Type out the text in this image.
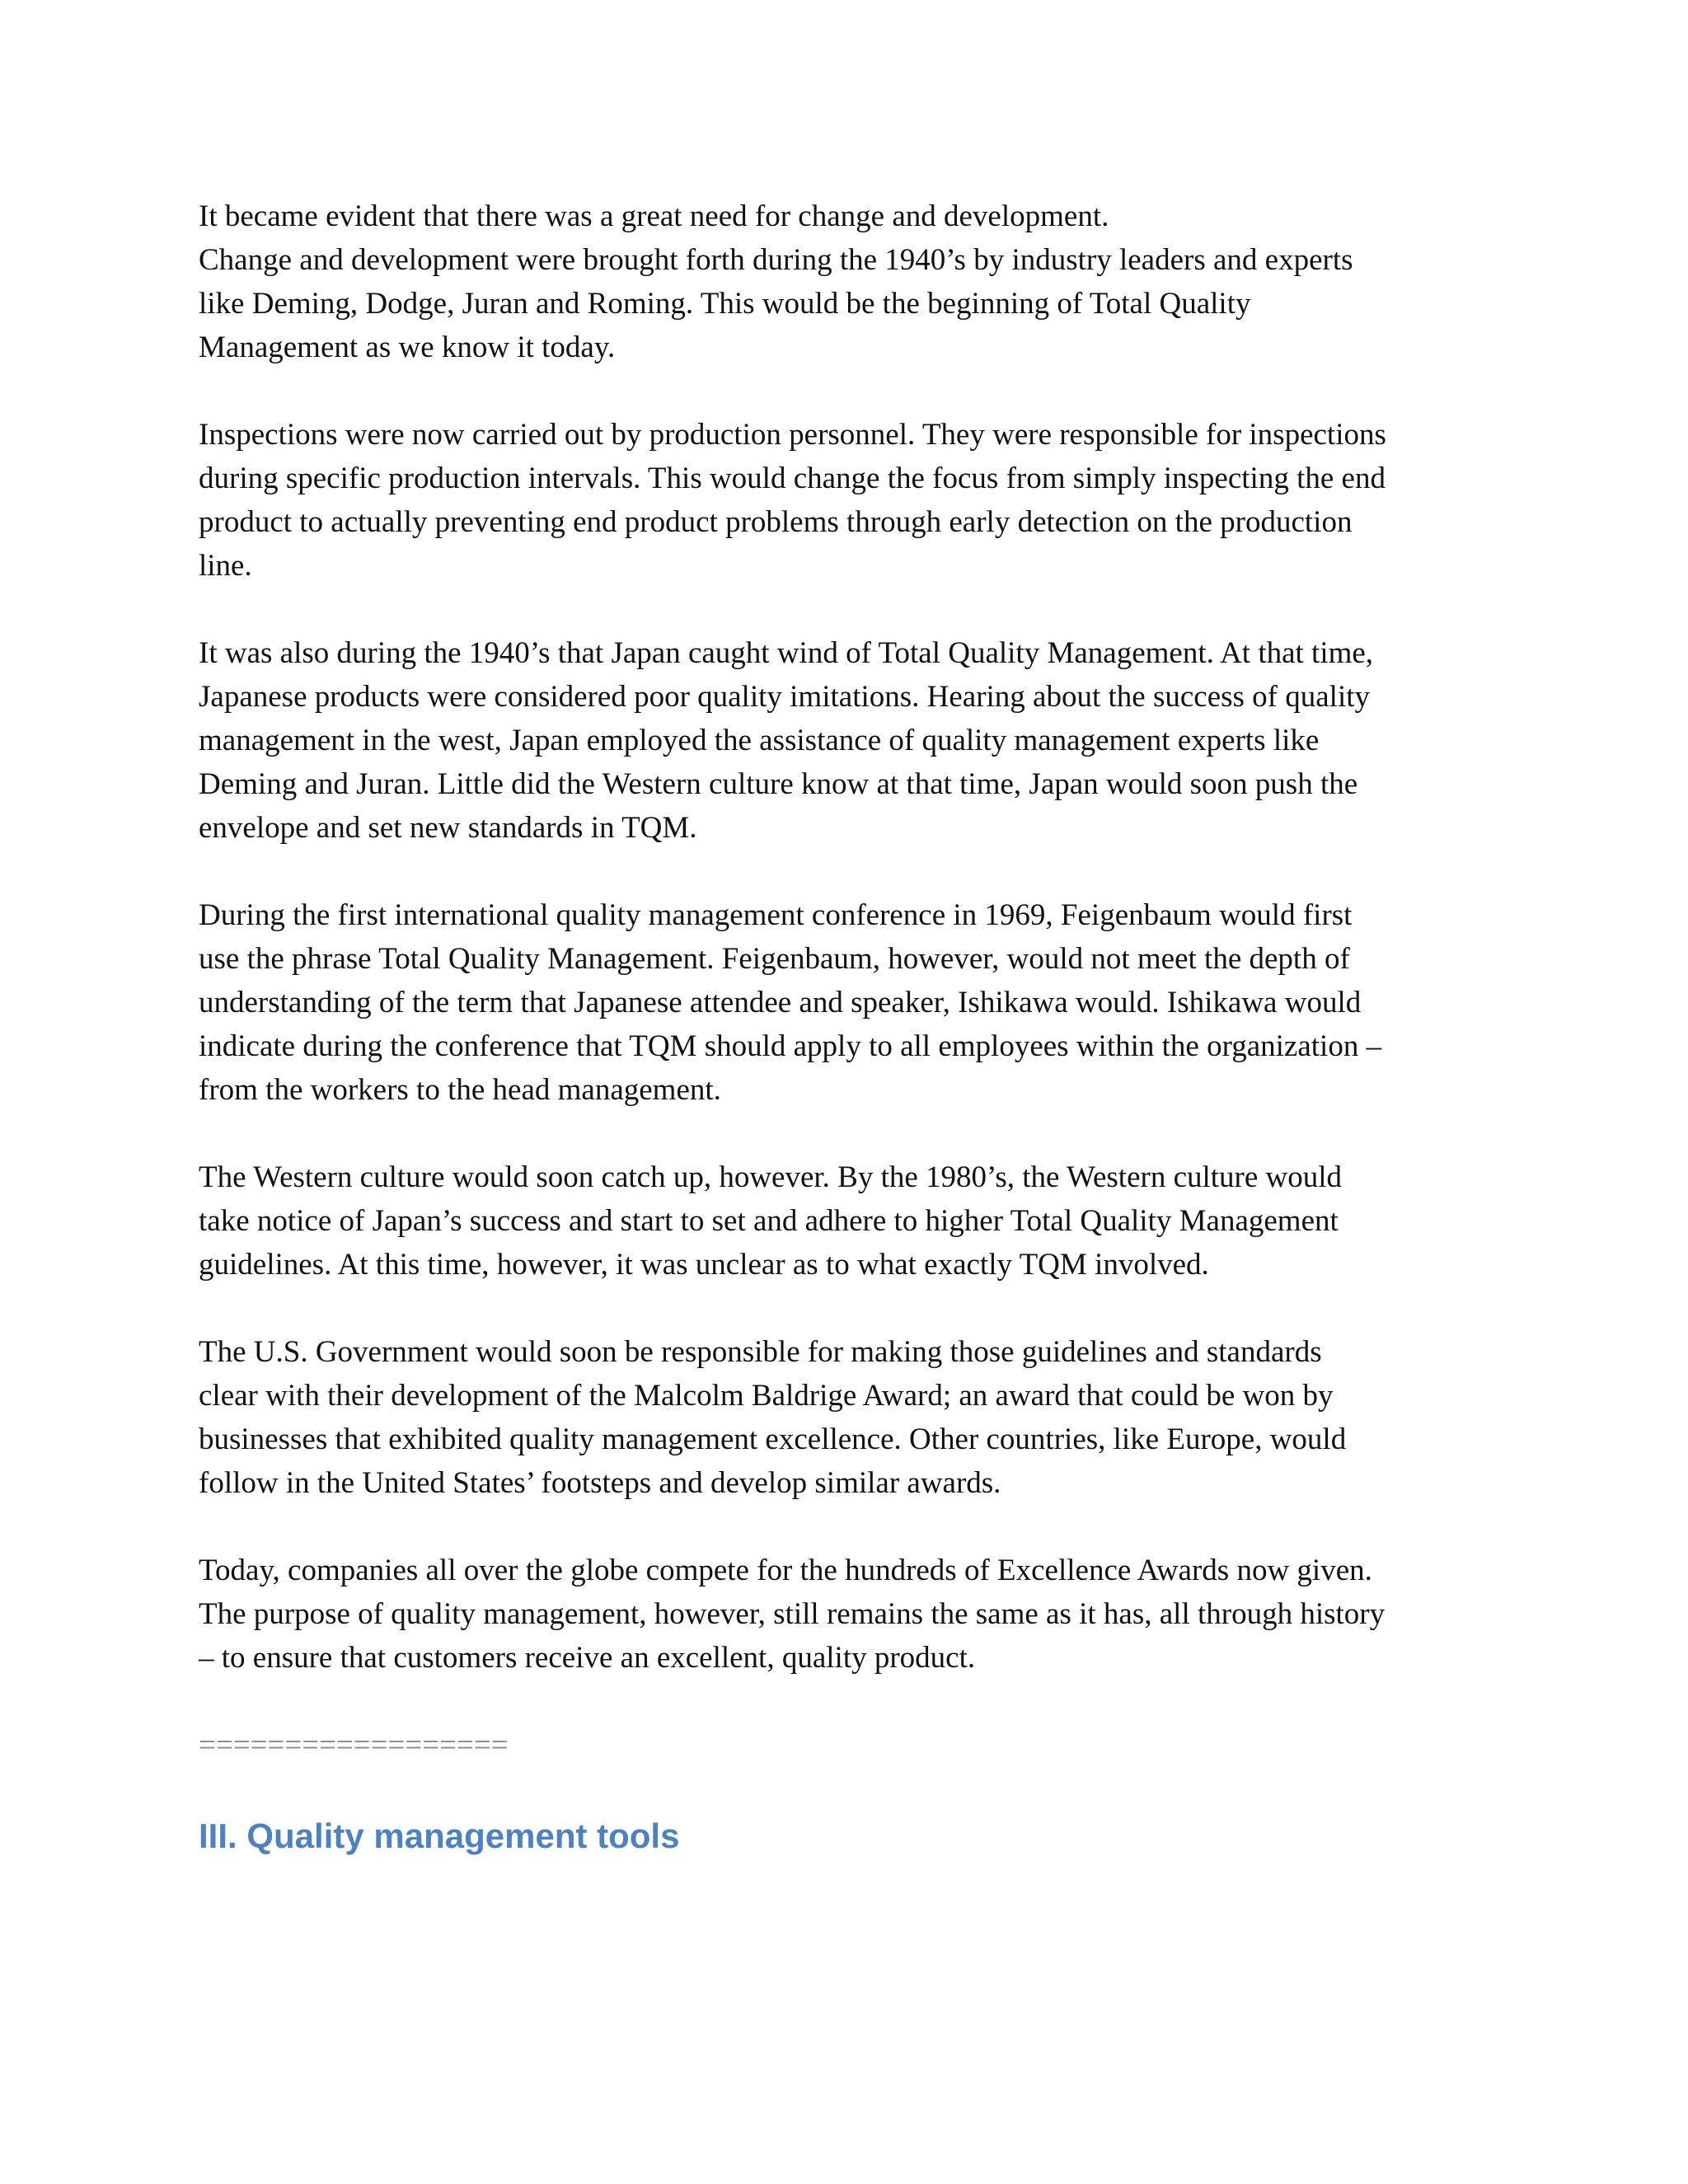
It became evident that there was a great need for change and development.
Change and development were brought forth during the 1940’s by industry leaders and experts
like Deming, Dodge, Juran and Roming. This would be the beginning of Total Quality
Management as we know it today.

Inspections were now carried out by production personnel. They were responsible for inspections
during specific production intervals. This would change the focus from simply inspecting the end
product to actually preventing end product problems through early detection on the production
line.

It was also during the 1940’s that Japan caught wind of Total Quality Management. At that time,
Japanese products were considered poor quality imitations. Hearing about the success of quality
management in the west, Japan employed the assistance of quality management experts like
Deming and Juran. Little did the Western culture know at that time, Japan would soon push the
envelope and set new standards in TQM.

During the first international quality management conference in 1969, Feigenbaum would first
use the phrase Total Quality Management. Feigenbaum, however, would not meet the depth of
understanding of the term that Japanese attendee and speaker, Ishikawa would. Ishikawa would
indicate during the conference that TQM should apply to all employees within the organization –
from the workers to the head management.

The Western culture would soon catch up, however. By the 1980’s, the Western culture would
take notice of Japan’s success and start to set and adhere to higher Total Quality Management
guidelines. At this time, however, it was unclear as to what exactly TQM involved.

The U.S. Government would soon be responsible for making those guidelines and standards
clear with their development of the Malcolm Baldrige Award; an award that could be won by
businesses that exhibited quality management excellence. Other countries, like Europe, would
follow in the United States’ footsteps and develop similar awards.

Today, companies all over the globe compete for the hundreds of Excellence Awards now given.
The purpose of quality management, however, still remains the same as it has, all through history
– to ensure that customers receive an excellent, quality product.

==================
III. Quality management tools
